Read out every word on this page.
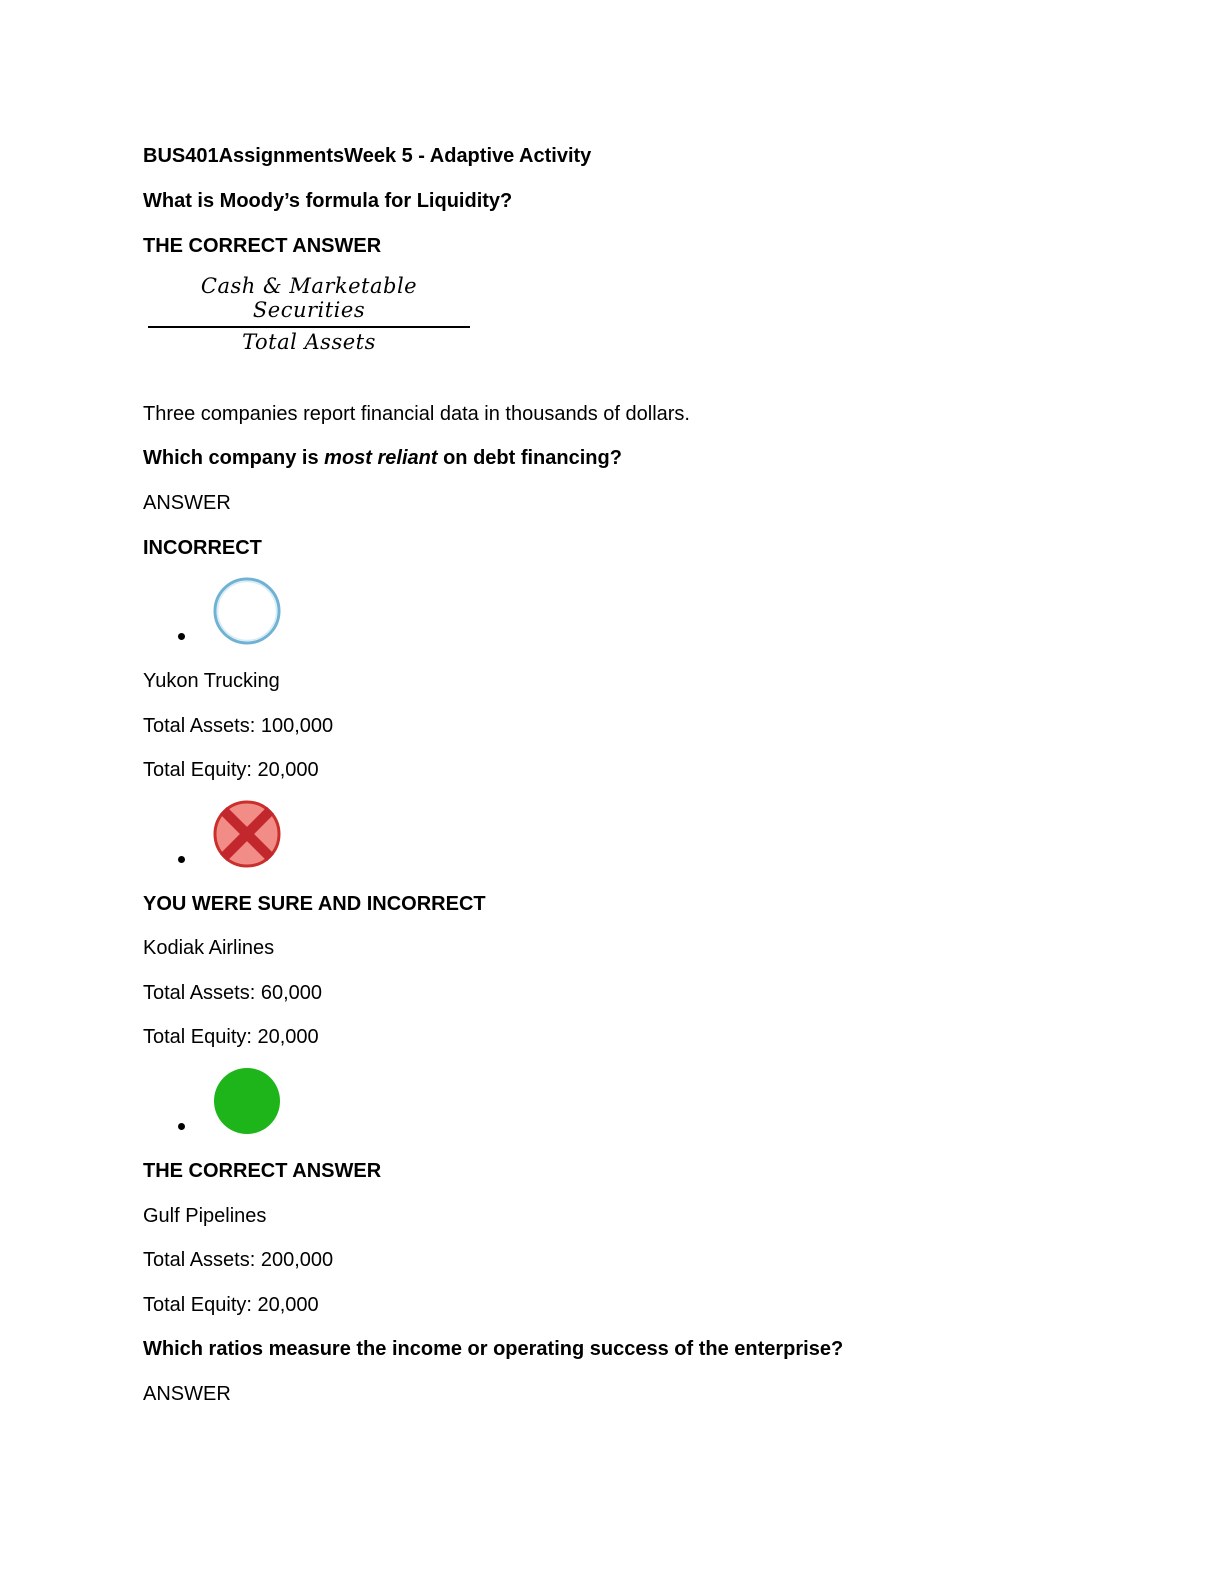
BUS401AssignmentsWeek 5 - Adaptive Activity
What is Moody’s formula for Liquidity?
THE CORRECT ANSWER
Cash & Marketable Securities
Total Assets
Three companies report financial data in thousands of dollars.
Which company is most reliant on debt financing?
ANSWER
INCORRECT
Yukon Trucking
Total Assets: 100,000
Total Equity: 20,000
YOU WERE SURE AND INCORRECT
Kodiak Airlines
Total Assets: 60,000
Total Equity: 20,000
THE CORRECT ANSWER
Gulf Pipelines
Total Assets: 200,000
Total Equity: 20,000
Which ratios measure the income or operating success of the enterprise?
ANSWER
